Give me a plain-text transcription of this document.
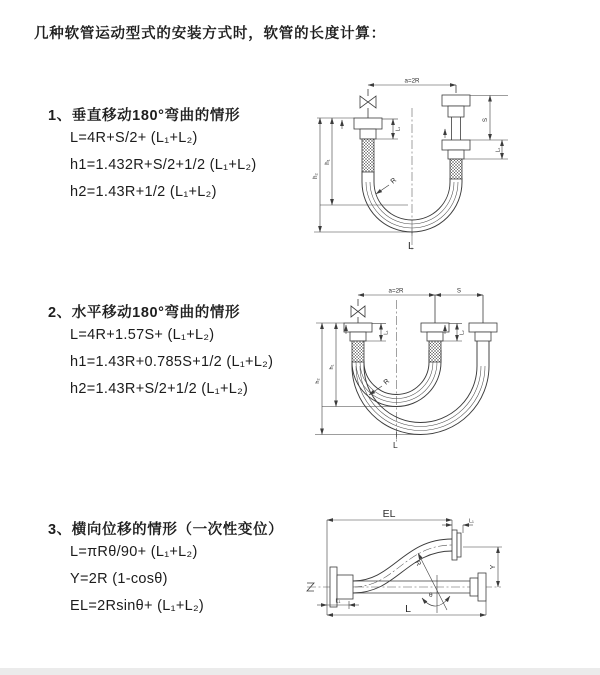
几种软管运动型式的安装方式时，软管的长度计算：
1、垂直移动180°弯曲的情形
L=4R+S/2+ (L₁+L₂)
h1=1.432R+S/2+1/2 (L₁+L₂)
h2=1.43R+1/2 (L₁+L₂)
2、水平移动180°弯曲的情形
L=4R+1.57S+ (L₁+L₂)
h1=1.43R+0.785S+1/2 (L₁+L₂)
h2=1.43R+S/2+1/2 (L₁+L₂)
3、横向位移的情形（一次性变位）
L=πRθ/90+ (L₁+L₂)
Y=2R (1-cosθ)
EL=2Rsinθ+ (L₁+L₂)
a=2R
S
L₂
L₁
h₁
h₂
R
L
a=2R	S
L₁	L₂
h₁
h₂	R
L
EL
L₁
Y
R
θ
L
L₁
